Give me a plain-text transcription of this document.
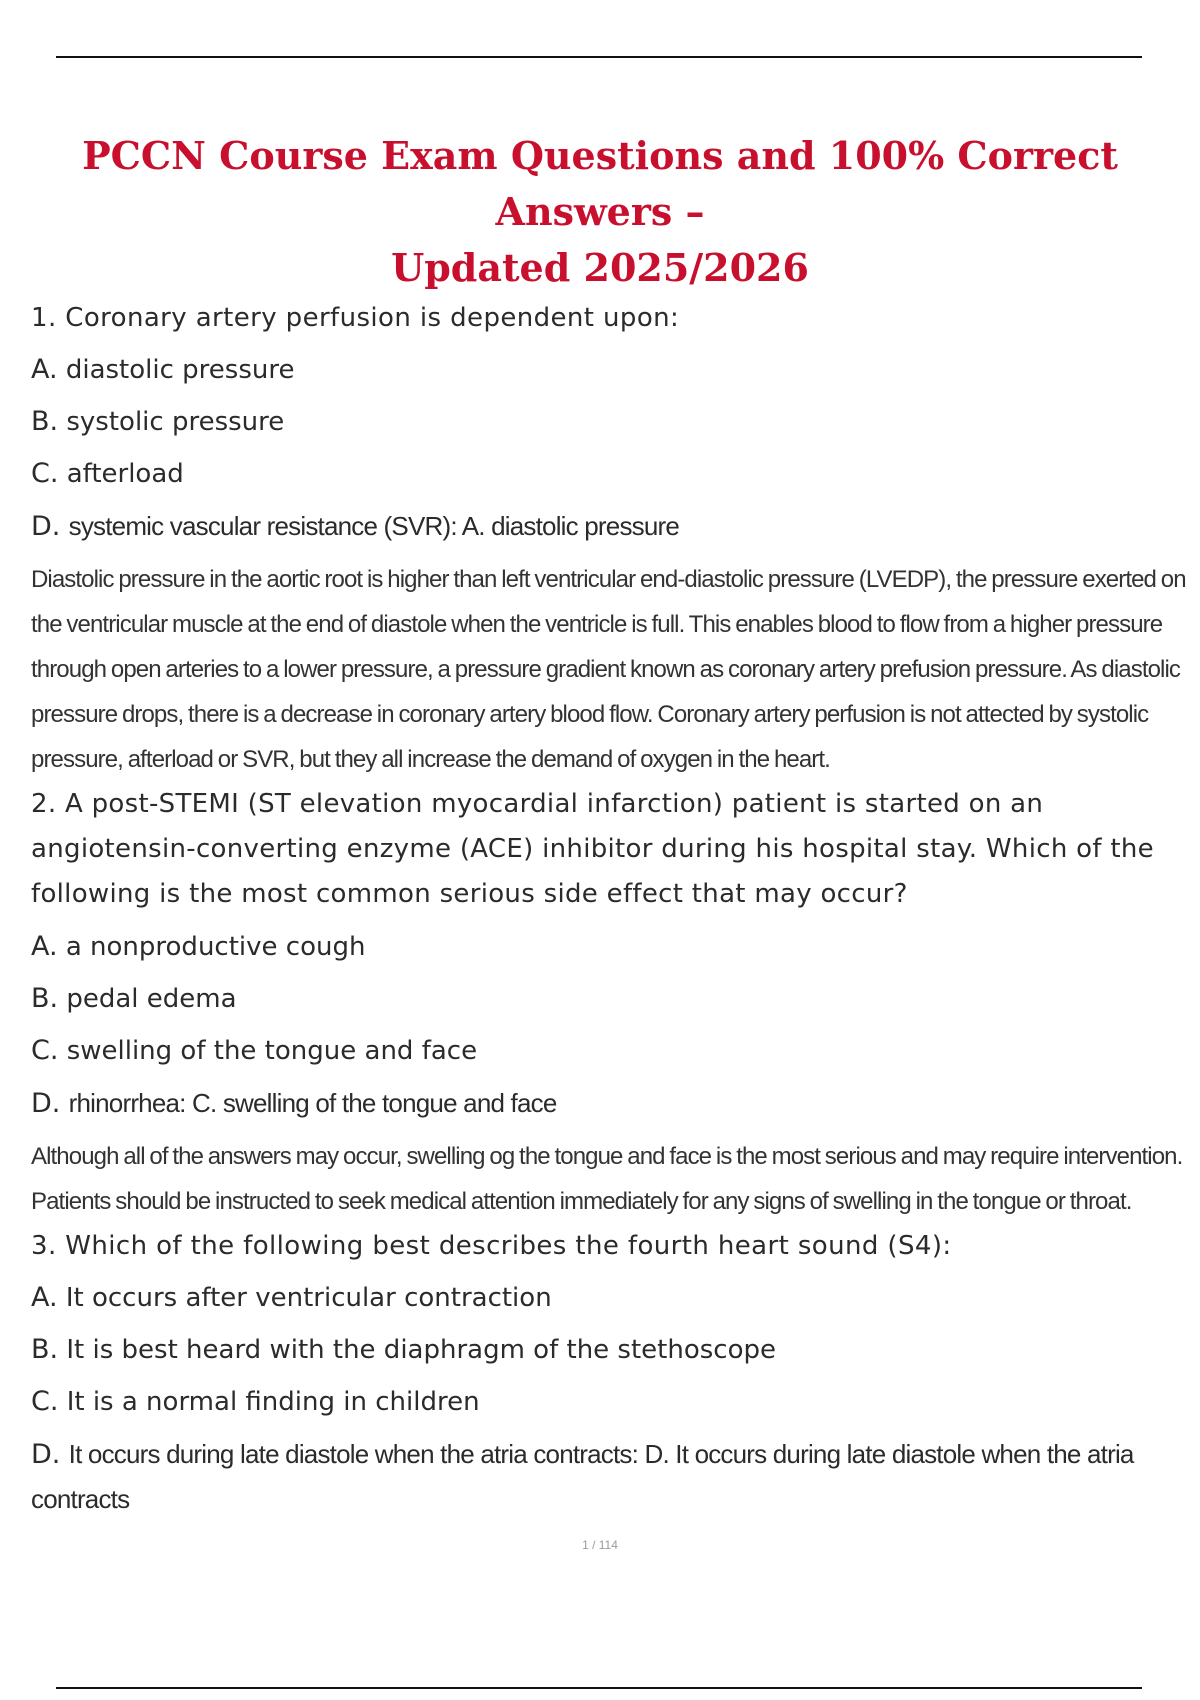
PCCN Course Exam Questions and 100% Correct Answers –
Updated 2025/2026
1. Coronary artery perfusion is dependent upon:
A. diastolic pressure
B. systolic pressure
C. afterload
D. systemic vascular resistance (SVR): A. diastolic pressure
Diastolic pressure in the aortic root is higher than left ventricular end-diastolic pressure (LVEDP), the pressure exerted on the ventricular muscle at the end of diastole when the ventricle is full. This enables blood to flow from a higher pressure through open arteries to a lower pressure, a pressure gradient known as coronary artery prefusion pressure. As diastolic pressure drops, there is a decrease in coronary artery blood flow. Coronary artery perfusion is not attected by systolic pressure, afterload or SVR, but they all increase the demand of oxygen in the heart.
2. A post-STEMI (ST elevation myocardial infarction) patient is started on an angiotensin-converting enzyme (ACE) inhibitor during his hospital stay. Which of the following is the most common serious side effect that may occur?
A. a nonproductive cough
B. pedal edema
C. swelling of the tongue and face
D. rhinorrhea: C. swelling of the tongue and face
Although all of the answers may occur, swelling og the tongue and face is the most serious and may require intervention. Patients should be instructed to seek medical attention immediately for any signs of swelling in the tongue or throat.
3. Which of the following best describes the fourth heart sound (S4):
A. It occurs after ventricular contraction
B. It is best heard with the diaphragm of the stethoscope
C. It is a normal finding in children
D. It occurs during late diastole when the atria contracts: D. It occurs during late diastole when the atria contracts
1 / 114
